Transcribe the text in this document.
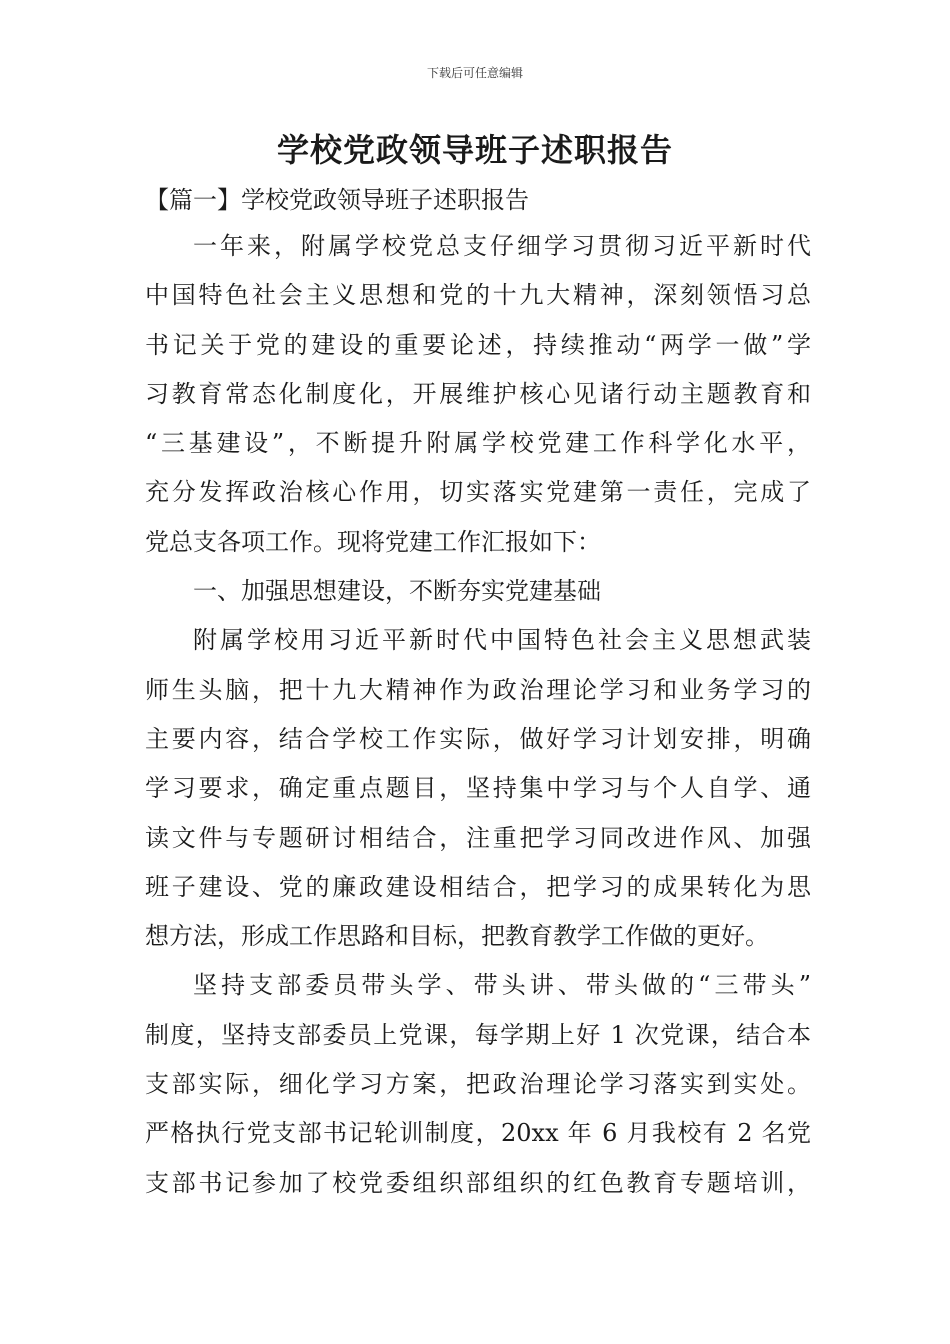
下载后可任意编辑
学校党政领导班子述职报告
【篇一】学校党政领导班子述职报告
一年来，附属学校党总支仔细学习贯彻习近平新时代
中国特色社会主义思想和党的十九大精神，深刻领悟习总
书记关于党的建设的重要论述，持续推动“两学一做”学
习教育常态化制度化，开展维护核心见诸行动主题教育和
“三基建设”，不断提升附属学校党建工作科学化水平，
充分发挥政治核心作用，切实落实党建第一责任，完成了
党总支各项工作。现将党建工作汇报如下：
一、加强思想建设，不断夯实党建基础
附属学校用习近平新时代中国特色社会主义思想武装
师生头脑，把十九大精神作为政治理论学习和业务学习的
主要内容，结合学校工作实际，做好学习计划安排，明确
学习要求，确定重点题目，坚持集中学习与个人自学、通
读文件与专题研讨相结合，注重把学习同改进作风、加强
班子建设、党的廉政建设相结合，把学习的成果转化为思
想方法，形成工作思路和目标，把教育教学工作做的更好。
坚持支部委员带头学、带头讲、带头做的“三带头”
制度，坚持支部委员上党课，每学期上好 1 次党课，结合本
支部实际，细化学习方案，把政治理论学习落实到实处。
严格执行党支部书记轮训制度，20xx 年 6 月我校有 2 名党
支部书记参加了校党委组织部组织的红色教育专题培训，
